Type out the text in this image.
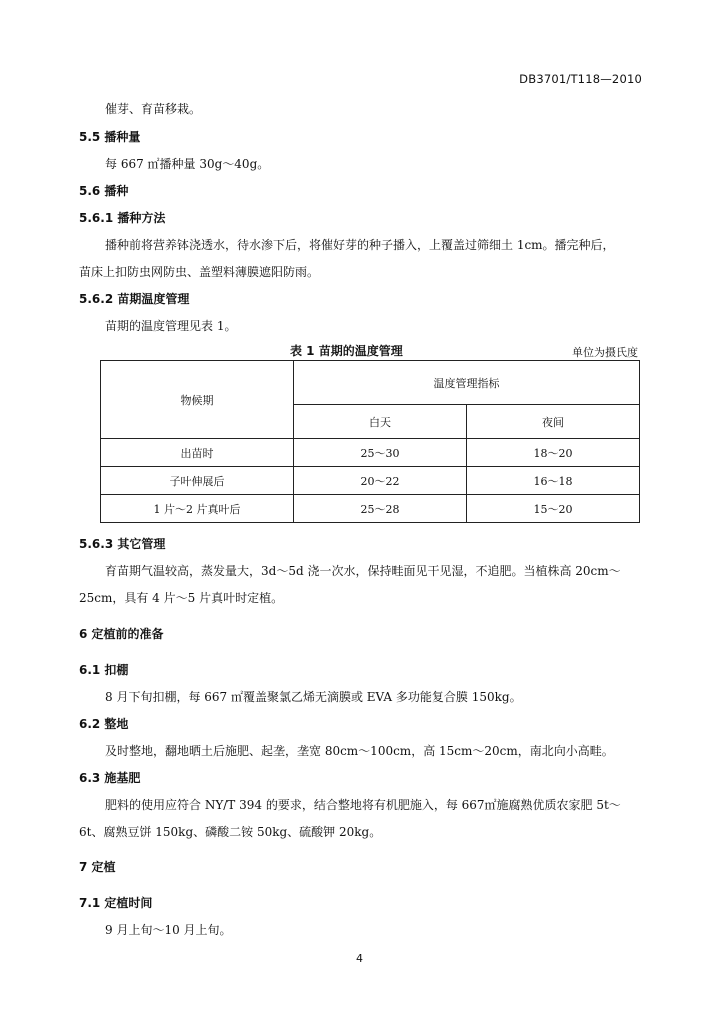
DB3701/T118—2010
催芽、育苗移栽。
5.5 播种量
每 667 ㎡播种量 30g～40g。
5.6 播种
5.6.1 播种方法
播种前将营养钵浇透水，待水渗下后，将催好芽的种子播入，上覆盖过筛细土 1cm。播完种后，
苗床上扣防虫网防虫、盖塑料薄膜遮阳防雨。
5.6.2 苗期温度管理
苗期的温度管理见表 1。
表 1 苗期的温度管理	单位为摄氏度
物候期	温度管理指标	
	白天	夜间
出苗时	25～30	18～20
子叶伸展后	20～22	16～18
1 片～2 片真叶后	25～28	15～20
5.6.3 其它管理
育苗期气温较高，蒸发量大，3d～5d 浇一次水，保持畦面见干见湿，不追肥。当植株高 20cm～
25cm，具有 4 片～5 片真叶时定植。
6 定植前的准备
6.1 扣棚
8 月下旬扣棚，每 667 ㎡覆盖聚氯乙烯无滴膜或 EVA 多功能复合膜 150kg。
6.2 整地
及时整地，翻地晒土后施肥、起垄，垄宽 80cm～100cm，高 15cm～20cm，南北向小高畦。
6.3 施基肥
肥料的使用应符合 NY/T 394 的要求，结合整地将有机肥施入，每 667㎡施腐熟优质农家肥 5t～
6t、腐熟豆饼 150kg、磷酸二铵 50kg、硫酸钾 20kg。
7 定植
7.1 定植时间
9 月上旬～10 月上旬。
4
